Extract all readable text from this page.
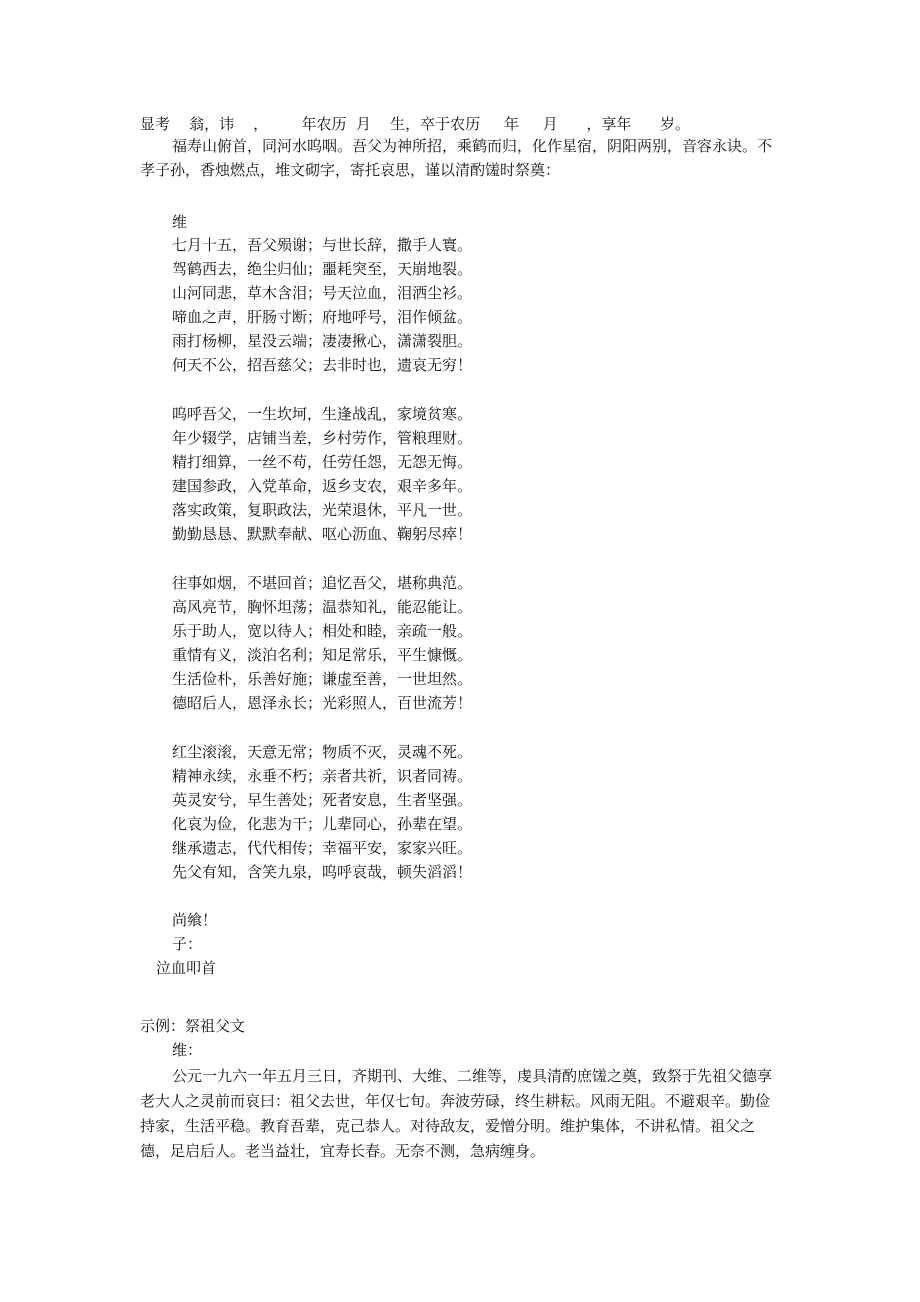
显考    翁，讳    ，       年农历  月    生，卒于农历     年     月      ，享年      岁。
福寿山俯首，同河水呜咽。吾父为神所招，乘鹤而归，化作星宿，阴阳两别，音容永诀。不孝子孙，香烛燃点，堆文砌字，寄托哀思，谨以清酌馐时祭奠：
维
七月十五，吾父殒谢；与世长辞，撒手人寰。
驾鹤西去，绝尘归仙；噩耗突至，天崩地裂。
山河同悲，草木含泪；号天泣血，泪洒尘衫。
啼血之声，肝肠寸断；府地呼号，泪作倾盆。
雨打杨柳，星没云端；凄凄揪心，潇潇裂胆。
何天不公，招吾慈父；去非时也，遗哀无穷！
呜呼吾父，一生坎坷，生逢战乱，家境贫寒。
年少辍学，店铺当差，乡村劳作，管粮理财。
精打细算，一丝不苟，任劳任怨，无怨无悔。
建国参政，入党革命，返乡支农，艰辛多年。
落实政策，复职政法，光荣退休，平凡一世。
勤勤恳恳、默默奉献、呕心沥血、鞠躬尽瘁！
往事如烟，不堪回首；追忆吾父，堪称典范。
高风亮节，胸怀坦荡；温恭知礼，能忍能让。
乐于助人，宽以待人；相处和睦，亲疏一般。
重情有义，淡泊名利；知足常乐，平生慷慨。
生活俭朴，乐善好施；谦虚至善，一世坦然。
德昭后人，恩泽永长；光彩照人，百世流芳！
红尘滚滚，天意无常；物质不灭，灵魂不死。
精神永续，永垂不朽；亲者共祈，识者同祷。
英灵安兮，早生善处；死者安息，生者坚强。
化哀为俭，化悲为干；儿辈同心，孙辈在望。
继承遗志，代代相传；幸福平安，家家兴旺。
先父有知，含笑九泉，呜呼哀哉，顿失滔滔！
尚飨！
子：
泣血叩首
示例：祭祖父文
维：
公元一九六一年五月三日，齐期刊、大维、二维等，虔具清酌庶馐之奠，致祭于先祖父德享老大人之灵前而哀曰：祖父去世，年仅七旬。奔波劳碌，终生耕耘。风雨无阻。不避艰辛。勤俭持家，生活平稳。教育吾辈，克己恭人。对待敌友，爱憎分明。维护集体，不讲私情。祖父之德，足启后人。老当益壮，宜寿长春。无奈不测，急病缠身。
